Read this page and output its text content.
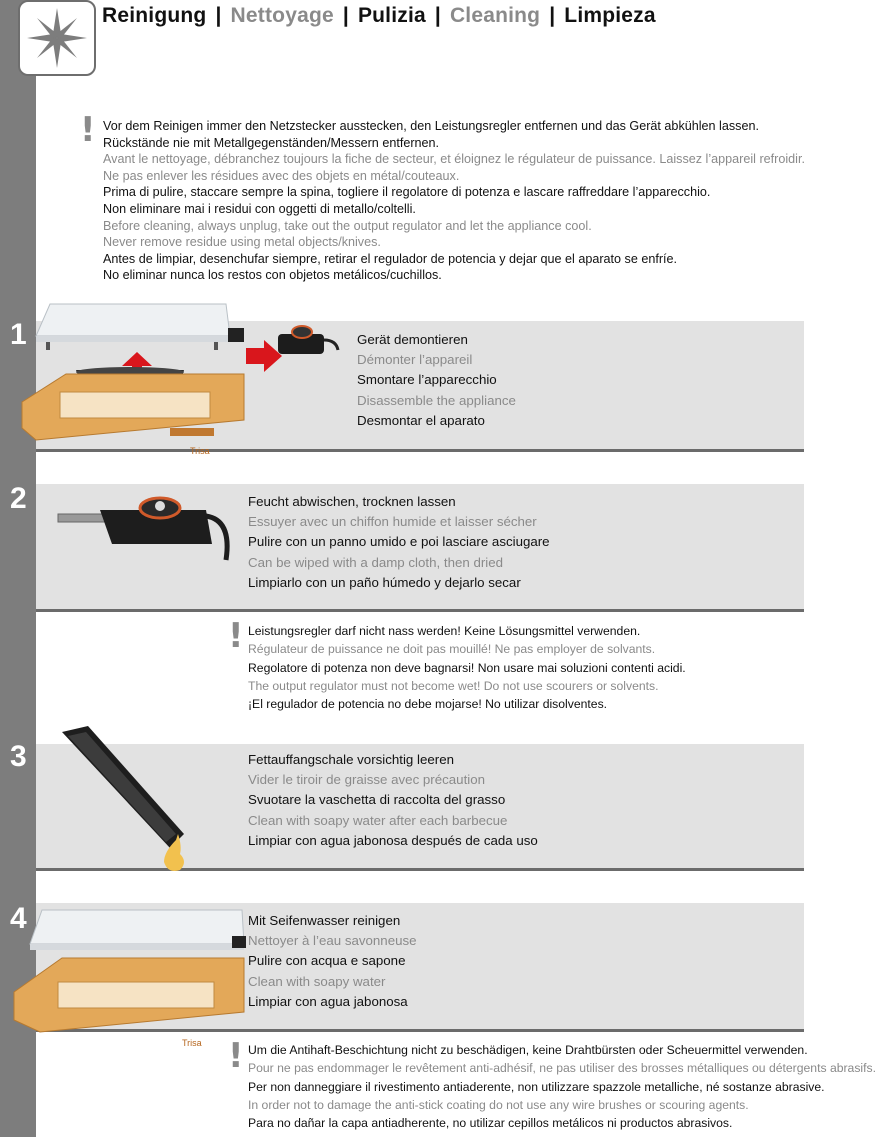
Reinigung | Nettoyage | Pulizia | Cleaning | Limpieza
! Vor dem Reinigen immer den Netzstecker ausstecken, den Leistungsregler entfernen und das Gerät abkühlen lassen.
Rückstände nie mit Metallgegenständen/Messern entfernen.
Avant le nettoyage, débranchez toujours la fiche de secteur, et éloignez le régulateur de puissance. Laissez l’appareil refroidir.
Ne pas enlever les résidues avec des objets en métal/couteaux.
Prima di pulire, staccare sempre la spina, togliere il regolatore di potenza e lascare raffreddare l’apparecchio.
Non eliminare mai i residui con oggetti di metallo/coltelli.
Before cleaning, always unplug, take out the output regulator and let the appliance cool.
Never remove residue using metal objects/knives.
Antes de limpiar, desenchufar siempre, retirar el regulador de potencia y dejar que el aparato se enfríe.
No eliminar nunca los restos con objetos metálicos/cuchillos.
1
Trisa
Gerät demontieren
Démonter l’appareil
Smontare l’apparecchio
Disassemble the appliance
Desmontar el aparato
2	Feucht abwischen, trocknen lassen
Essuyer avec un chiffon humide et laisser sécher
Pulire con un panno umido e poi lasciare asciugare
Can be wiped with a damp cloth, then dried
Limpiarlo con un paño húmedo y dejarlo secar
! Leistungsregler darf nicht nass werden! Keine Lösungsmittel verwenden.
Régulateur de puissance ne doit pas mouillé! Ne pas employer de solvants.
Regolatore di potenza non deve bagnarsi! Non usare mai soluzioni contenti acidi.
The output regulator must not become wet! Do not use scourers or solvents.
¡El regulador de potencia no debe mojarse! No utilizar disolventes.
3	Fettauffangschale vorsichtig leeren
Vider le tiroir de graisse avec précaution
Svuotare la vaschetta di raccolta del grasso
Clean with soapy water after each barbecue
Limpiar con agua jabonosa después de cada uso
4
Trisa
Mit Seifenwasser reinigen
Nettoyer à l’eau savonneuse
Pulire con acqua e sapone
Clean with soapy water
Limpiar con agua jabonosa
! Um die Antihaft-Beschichtung nicht zu beschädigen, keine Drahtbürsten oder Scheuermittel verwenden.
Pour ne pas endommager le revêtement anti-adhésif, ne pas utiliser des brosses métalliques ou détergents abrasifs.
Per non danneggiare il rivestimento antiaderente, non utilizzare spazzole metalliche, né sostanze abrasive.
In order not to damage the anti-stick coating do not use any wire brushes or scouring agents.
Para no dañar la capa antiadherente, no utilizar cepillos metálicos ni productos abrasivos.
